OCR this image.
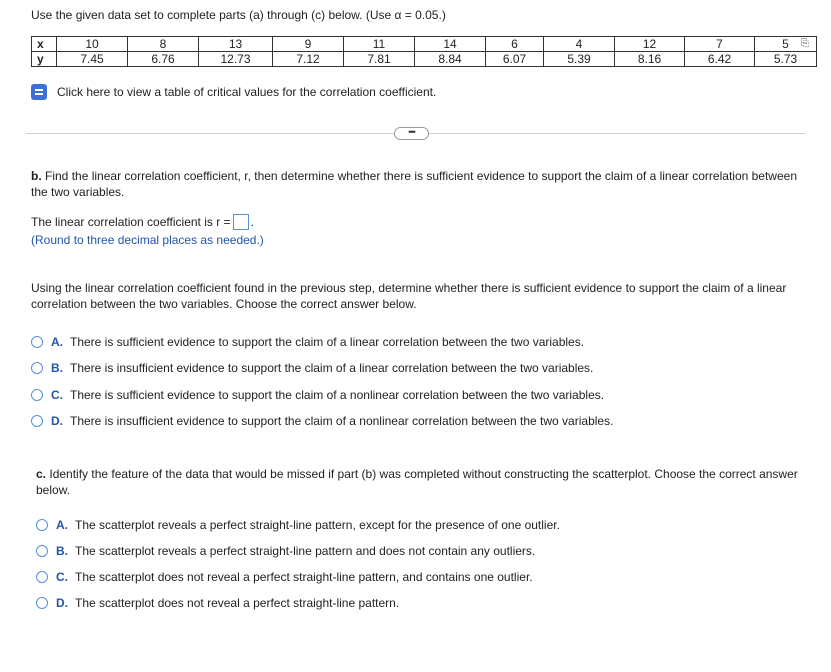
Use the given data set to complete parts (a) through (c) below. (Use α = 0.05.)
x	10	8	13	9	11	14	6	4	12	7	5
y	7.45	6.76	12.73	7.12	7.81	8.84	6.07	5.39	8.16	6.42	5.73
⎘
Click here to view a table of critical values for the correlation coefficient.
•••
b. Find the linear correlation coefficient, r, then determine whether there is sufficient evidence to support the claim of a linear correlation between the two variables.
The linear correlation coefficient is r = .
(Round to three decimal places as needed.)
Using the linear correlation coefficient found in the previous step, determine whether there is sufficient evidence to support the claim of a linear correlation between the two variables. Choose the correct answer below.
A. There is sufficient evidence to support the claim of a linear correlation between the two variables.
B. There is insufficient evidence to support the claim of a linear correlation between the two variables.
C. There is sufficient evidence to support the claim of a nonlinear correlation between the two variables.
D. There is insufficient evidence to support the claim of a nonlinear correlation between the two variables.
c. Identify the feature of the data that would be missed if part (b) was completed without constructing the scatterplot. Choose the correct answer below.
A. The scatterplot reveals a perfect straight-line pattern, except for the presence of one outlier.
B. The scatterplot reveals a perfect straight-line pattern and does not contain any outliers.
C. The scatterplot does not reveal a perfect straight-line pattern, and contains one outlier.
D. The scatterplot does not reveal a perfect straight-line pattern.
